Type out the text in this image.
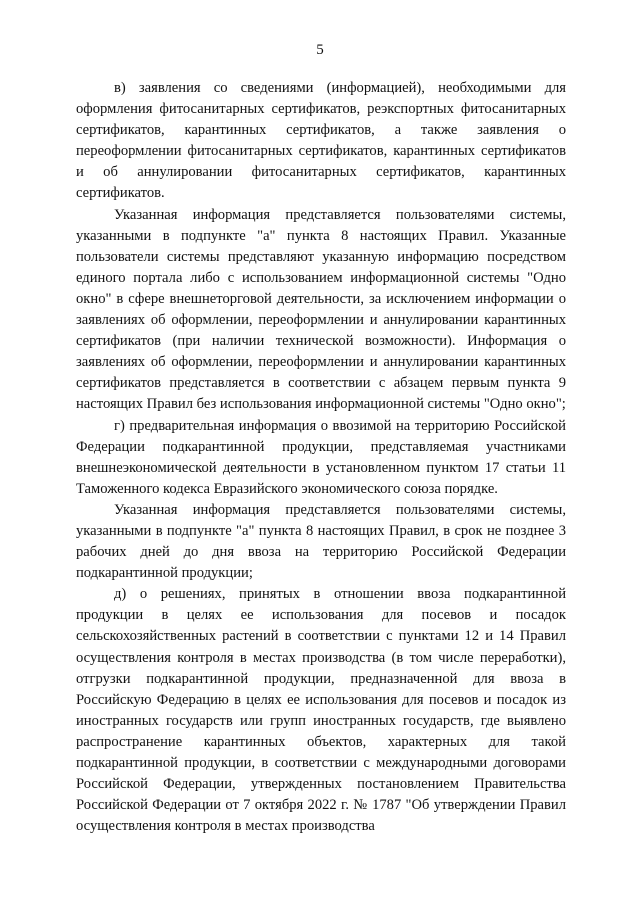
5

в) заявления со сведениями (информацией), необходимыми для оформления фитосанитарных сертификатов, реэкспортных фитосанитарных сертификатов, карантинных сертификатов, а также заявления о переоформлении фитосанитарных сертификатов, карантинных сертификатов и об аннулировании фитосанитарных сертификатов, карантинных сертификатов.

Указанная информация представляется пользователями системы, указанными в подпункте "а" пункта 8 настоящих Правил. Указанные пользователи системы представляют указанную информацию посредством единого портала либо с использованием информационной системы "Одно окно" в сфере внешнеторговой деятельности, за исключением информации о заявлениях об оформлении, переоформлении и аннулировании карантинных сертификатов (при наличии технической возможности). Информация о заявлениях об оформлении, переоформлении и аннулировании карантинных сертификатов представляется в соответствии с абзацем первым пункта 9 настоящих Правил без использования информационной системы "Одно окно";

г) предварительная информация о ввозимой на территорию Российской Федерации подкарантинной продукции, представляемая участниками внешнеэкономической деятельности в установленном пунктом 17 статьи 11 Таможенного кодекса Евразийского экономического союза порядке.

Указанная информация представляется пользователями системы, указанными в подпункте "а" пункта 8 настоящих Правил, в срок не позднее 3 рабочих дней до дня ввоза на территорию Российской Федерации подкарантинной продукции;

д) о решениях, принятых в отношении ввоза подкарантинной продукции в целях ее использования для посевов и посадок сельскохозяйственных растений в соответствии с пунктами 12 и 14 Правил осуществления контроля в местах производства (в том числе переработки), отгрузки подкарантинной продукции, предназначенной для ввоза в Российскую Федерацию в целях ее использования для посевов и посадок из иностранных государств или групп иностранных государств, где выявлено распространение карантинных объектов, характерных для такой подкарантинной продукции, в соответствии с международными договорами Российской Федерации, утвержденных постановлением Правительства Российской Федерации от 7 октября 2022 г. № 1787 "Об утверждении Правил осуществления контроля в местах производства
